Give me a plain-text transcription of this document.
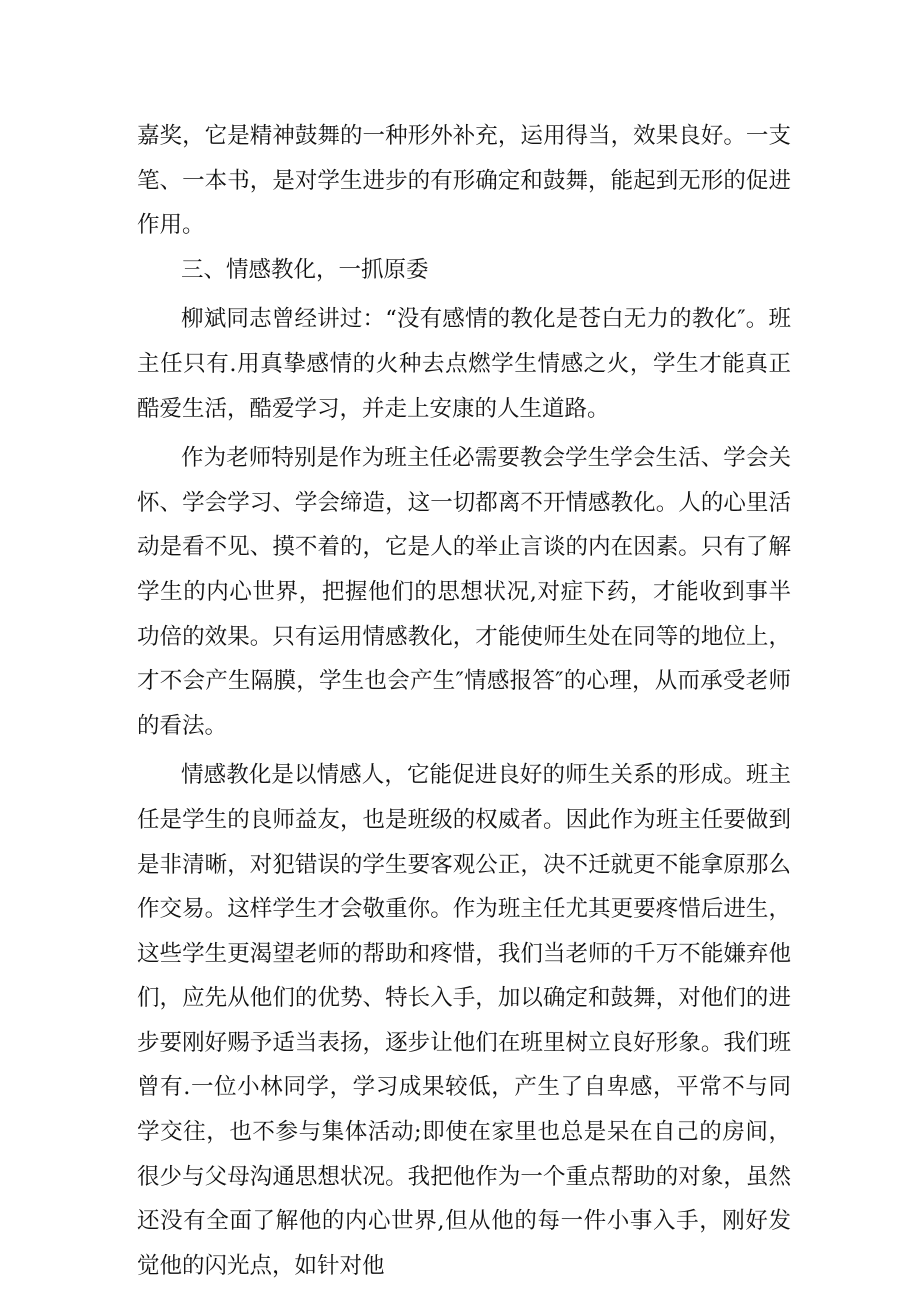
嘉奖，它是精神鼓舞的一种形外补充，运用得当，效果良好。一支笔、一本书，是对学生进步的有形确定和鼓舞，能起到无形的促进作用。

三、情感教化，一抓原委

柳斌同志曾经讲过：“没有感情的教化是苍白无力的教化″。班主任只有.用真挚感情的火种去点燃学生情感之火，学生才能真正酷爱生活，酷爱学习，并走上安康的人生道路。

作为老师特别是作为班主任必需要教会学生学会生活、学会关怀、学会学习、学会缔造，这一切都离不开情感教化。人的心里活动是看不见、摸不着的，它是人的举止言谈的内在因素。只有了解学生的内心世界，把握他们的思想状况,对症下药，才能收到事半功倍的效果。只有运用情感教化，才能使师生处在同等的地位上，才不会产生隔膜，学生也会产生″情感报答″的心理，从而承受老师的看法。

情感教化是以情感人，它能促进良好的师生关系的形成。班主任是学生的良师益友，也是班级的权威者。因此作为班主任要做到是非清晰，对犯错误的学生要客观公正，决不迁就更不能拿原那么作交易。这样学生才会敬重你。作为班主任尤其更要疼惜后进生，这些学生更渴望老师的帮助和疼惜，我们当老师的千万不能嫌弃他们，应先从他们的优势、特长入手，加以确定和鼓舞，对他们的进步要刚好赐予适当表扬，逐步让他们在班里树立良好形象。我们班曾有.一位小林同学，学习成果较低，产生了自卑感，平常不与同学交往，也不参与集体活动;即使在家里也总是呆在自己的房间，很少与父母沟通思想状况。我把他作为一个重点帮助的对象，虽然还没有全面了解他的内心世界,但从他的每一件小事入手，刚好发觉他的闪光点，如针对他
